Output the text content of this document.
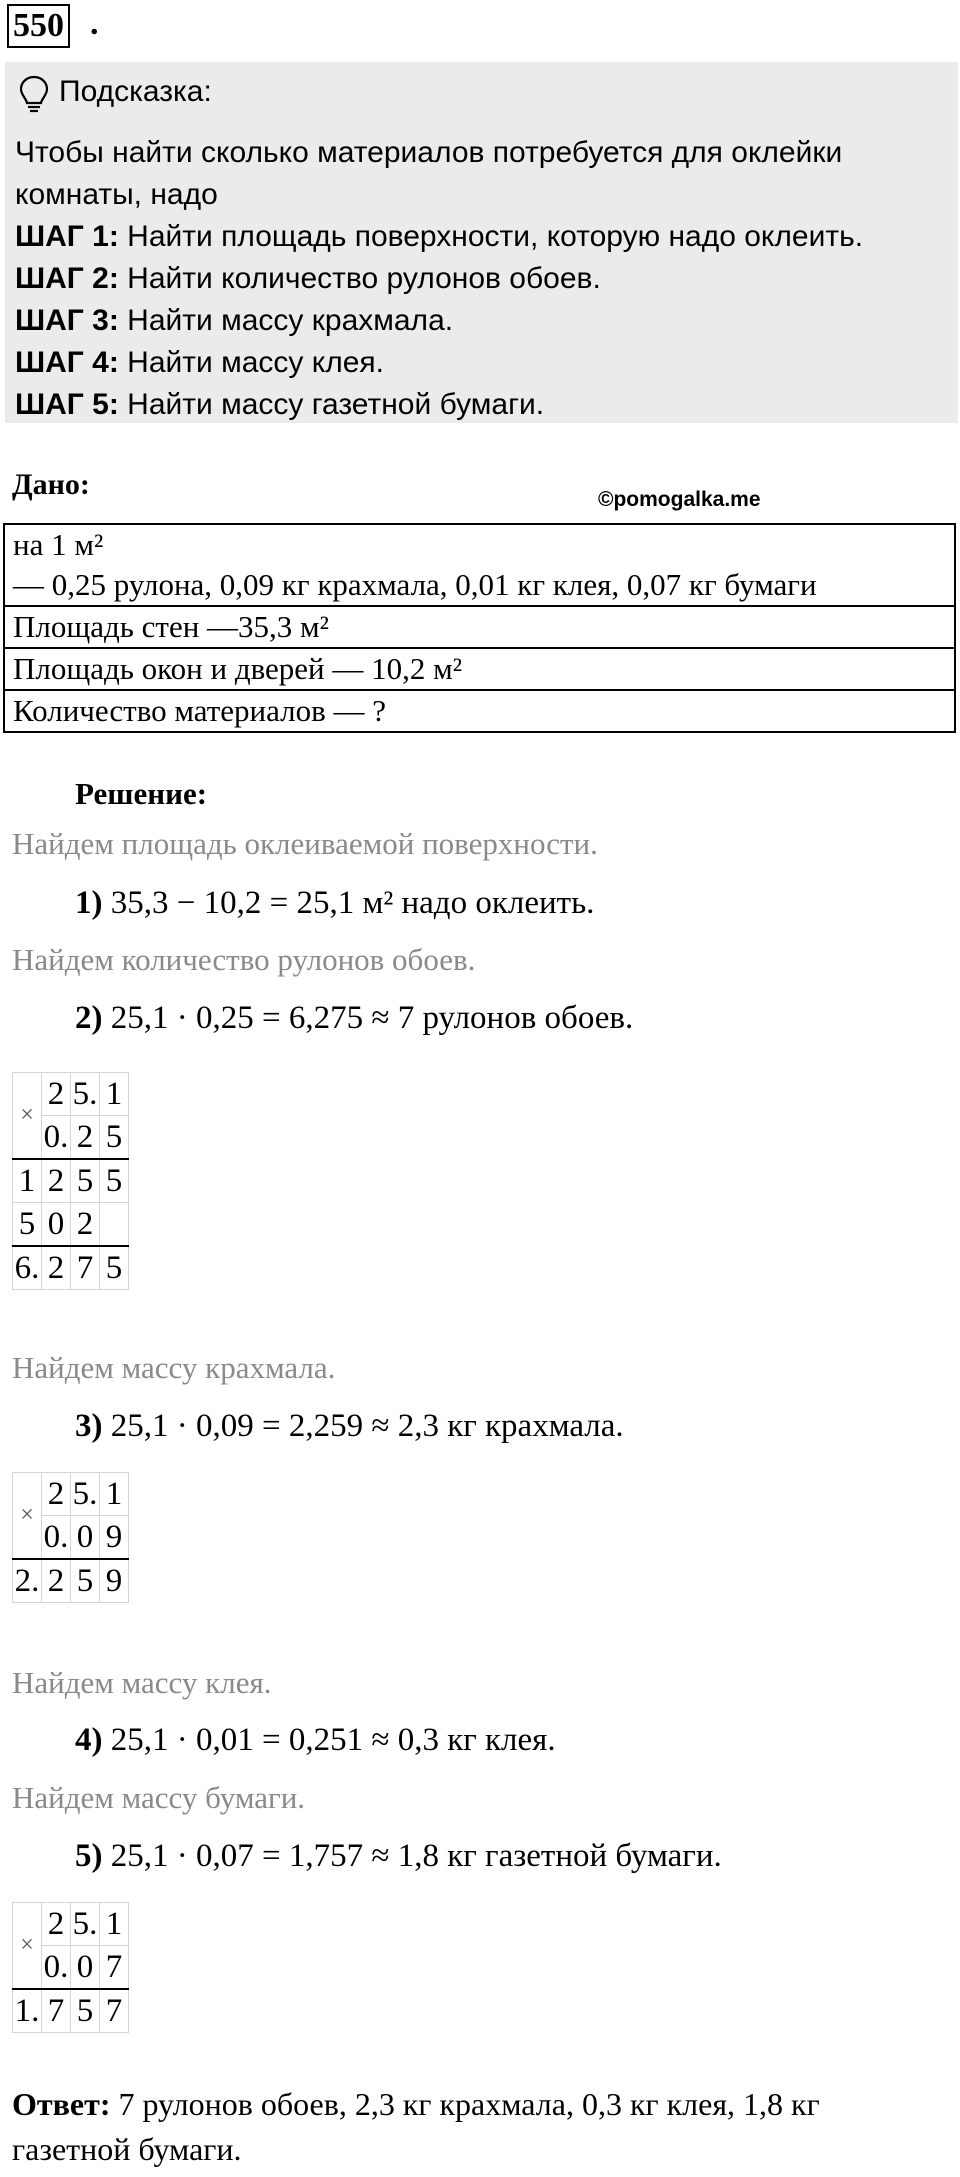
550 .
Подсказка:
Чтобы найти сколько материалов потребуется для оклейки
комнаты, надо
ШАГ 1: Найти площадь поверхности, которую надо оклеить.
ШАГ 2: Найти количество рулонов обоев.
ШАГ 3: Найти массу крахмала.
ШАГ 4: Найти массу клея.
ШАГ 5: Найти массу газетной бумаги.
Дано:	©pomogalka.me
на 1 м²
— 0,25 рулона, 0,09 кг крахмала, 0,01 кг клея, 0,07 кг бумаги

Площадь стен —35,3 м²
Площадь окон и дверей — 10,2 м²
Количество материалов — ?
Решение:
Найдем площадь оклеиваемой поверхности.
1) 35,3 − 10,2 = 25,1 м² надо оклеить.
Найдем количество рулонов обоев.
2) 25,1 · 0,25 = 6,275 ≈ 7 рулонов обоев.
×	2	5.	1
	0.	2	5
1	2	5	5
5	0	2	
6.	2	7	5
Найдем массу крахмала.
3) 25,1 · 0,09 = 2,259 ≈ 2,3 кг крахмала.
×	2	5.	1
	0.	0	9
2.	2	5	9
Найдем массу клея.
4) 25,1 · 0,01 = 0,251 ≈ 0,3 кг клея.
Найдем массу бумаги.
5) 25,1 · 0,07 = 1,757 ≈ 1,8 кг газетной бумаги.
×	2	5.	1
	0.	0	7
1.	7	5	7
Ответ: 7 рулонов обоев, 2,3 кг крахмала, 0,3 кг клея, 1,8 кг газетной бумаги.
